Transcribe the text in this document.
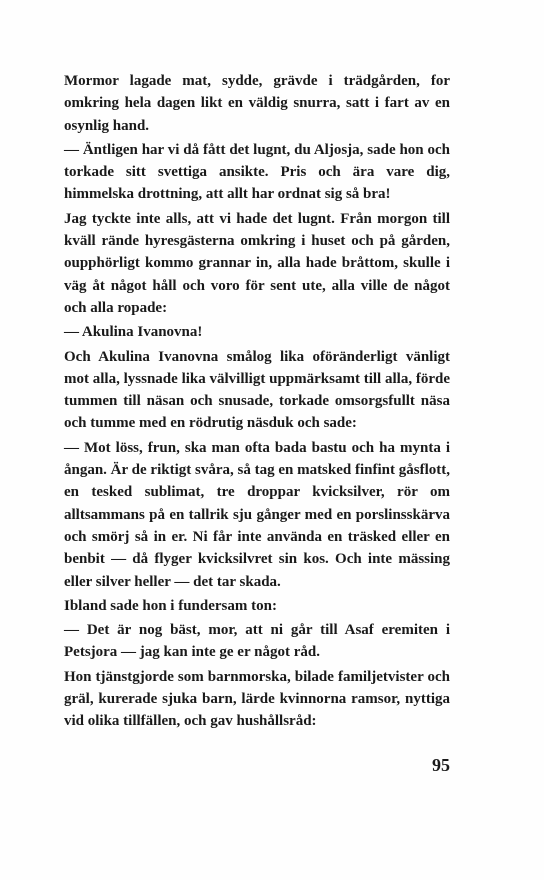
Mormor lagade mat, sydde, grävde i trädgården, for omkring hela dagen likt en väldig snurra, satt i fart av en osynlig hand.

— Äntligen har vi då fått det lugnt, du Aljosja, sade hon och torkade sitt svettiga ansikte. Pris och ära vare dig, himmelska drottning, att allt har ordnat sig så bra!

Jag tyckte inte alls, att vi hade det lugnt. Från morgon till kväll rände hyresgästerna omkring i huset och på gården, oupphörligt kommo grannar in, alla hade bråttom, skulle i väg åt något håll och voro för sent ute, alla ville de något och alla ropade:

— Akulina Ivanovna!

Och Akulina Ivanovna smålog lika oföränderligt vänligt mot alla, lyssnade lika välvilligt uppmärksamt till alla, förde tummen till näsan och snusade, torkade omsorgsfullt näsa och tumme med en rödrutig näsduk och sade:

— Mot löss, frun, ska man ofta bada bastu och ha mynta i ångan. Är de riktigt svåra, så tag en matsked finfint gåsflott, en tesked sublimat, tre droppar kvicksilver, rör om alltsammans på en tallrik sju gånger med en porslinsskärva och smörj så in er. Ni får inte använda en träsked eller en benbit — då flyger kvicksilvret sin kos. Och inte mässing eller silver heller — det tar skada.

Ibland sade hon i fundersam ton:

— Det är nog bäst, mor, att ni går till Asaf eremiten i Petsjora — jag kan inte ge er något råd.

Hon tjänstgjorde som barnmorska, bilade familjetvister och gräl, kurerade sjuka barn, lärde kvinnorna ramsor, nyttiga vid olika tillfällen, och gav hushållsråd:

95
